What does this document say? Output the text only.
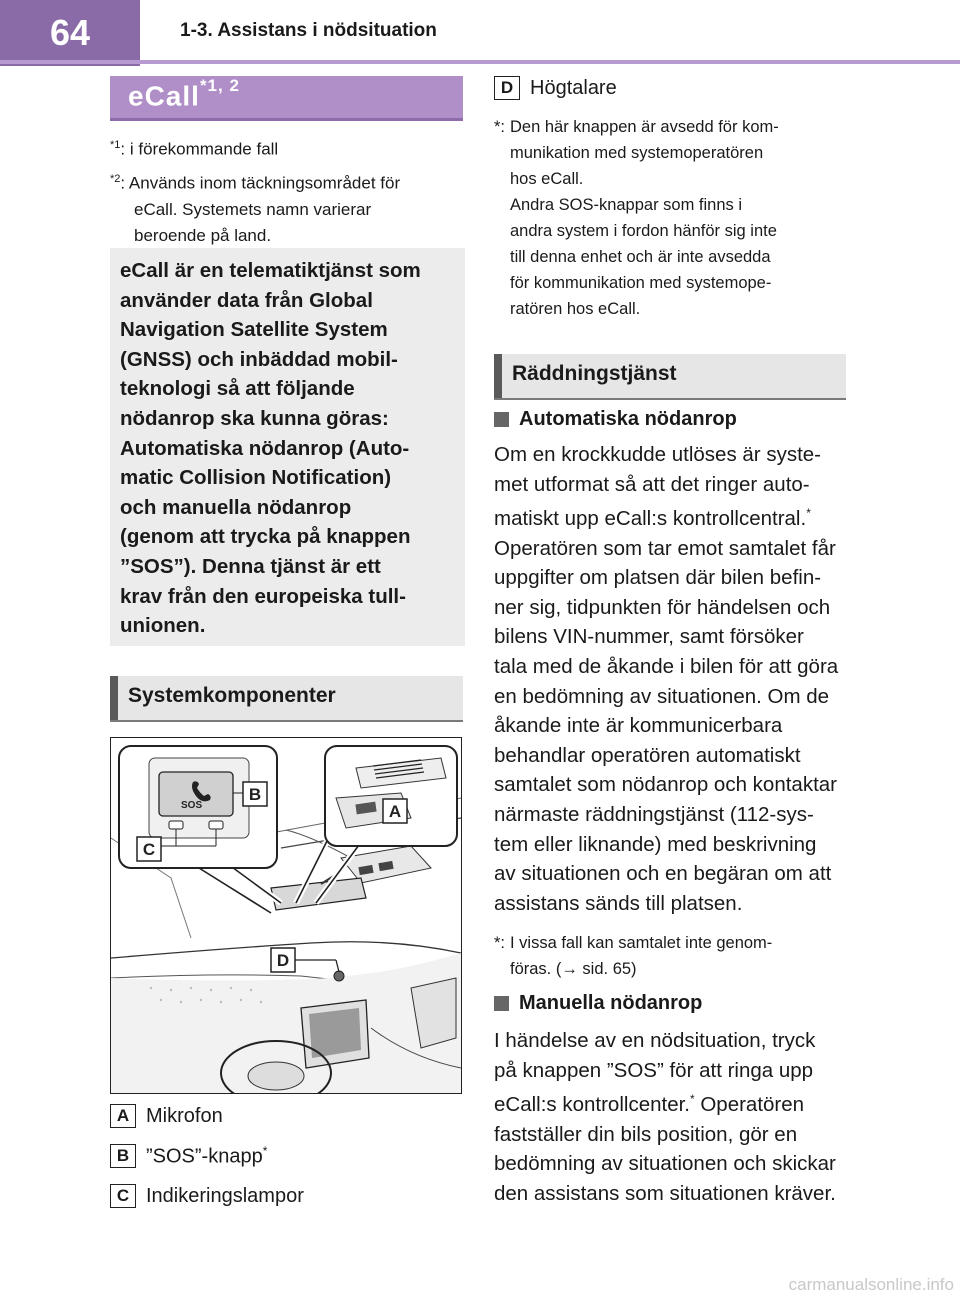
64	1-3. Assistans i nödsituation
eCall$^{*1, 2}$
$^{*1}$: i förekommande fall
$^{*2}$: Används inom täckningsområdet för
eCall. Systemets namn varierar
beroende på land.
eCall är en telematiktjänst som
använder data från Global
Navigation Satellite System
(GNSS) och inbäddad mobil-
teknologi så att följande
nödanrop ska kunna göras:
Automatiska nödanrop (Auto-
matic Collision Notification)
och manuella nödanrop
(genom att trycka på knappen
”SOS”). Denna tjänst är ett
krav från den europeiska tull-
unionen.
Systemkomponenter
SOS
B
C
A
D
A Mikrofon
B ”SOS”-knapp*
C Indikeringslampor
D Högtalare
*: Den här knappen är avsedd för kom-
munikation med systemoperatören
hos eCall.
Andra SOS-knappar som finns i
andra system i fordon hänför sig inte
till denna enhet och är inte avsedda
för kommunikation med systemope-
ratören hos eCall.
Räddningstjänst
Automatiska nödanrop
Om en krockkudde utlöses är syste-
met utformat så att det ringer auto-
matiskt upp eCall:s kontrollcentral.*
Operatören som tar emot samtalet får
uppgifter om platsen där bilen befin-
ner sig, tidpunkten för händelsen och
bilens VIN-nummer, samt försöker
tala med de åkande i bilen för att göra
en bedömning av situationen. Om de
åkande inte är kommunicerbara
behandlar operatören automatiskt
samtalet som nödanrop och kontaktar
närmaste räddningstjänst (112-sys-
tem eller liknande) med beskrivning
av situationen och en begäran om att
assistans sänds till platsen.
*: I vissa fall kan samtalet inte genom-
föras. (→ sid. 65)
Manuella nödanrop
I händelse av en nödsituation, tryck
på knappen ”SOS” för att ringa upp
eCall:s kontrollcenter.* Operatören
fastställer din bils position, gör en
bedömning av situationen och skickar
den assistans som situationen kräver.
carmanualsonline.info
